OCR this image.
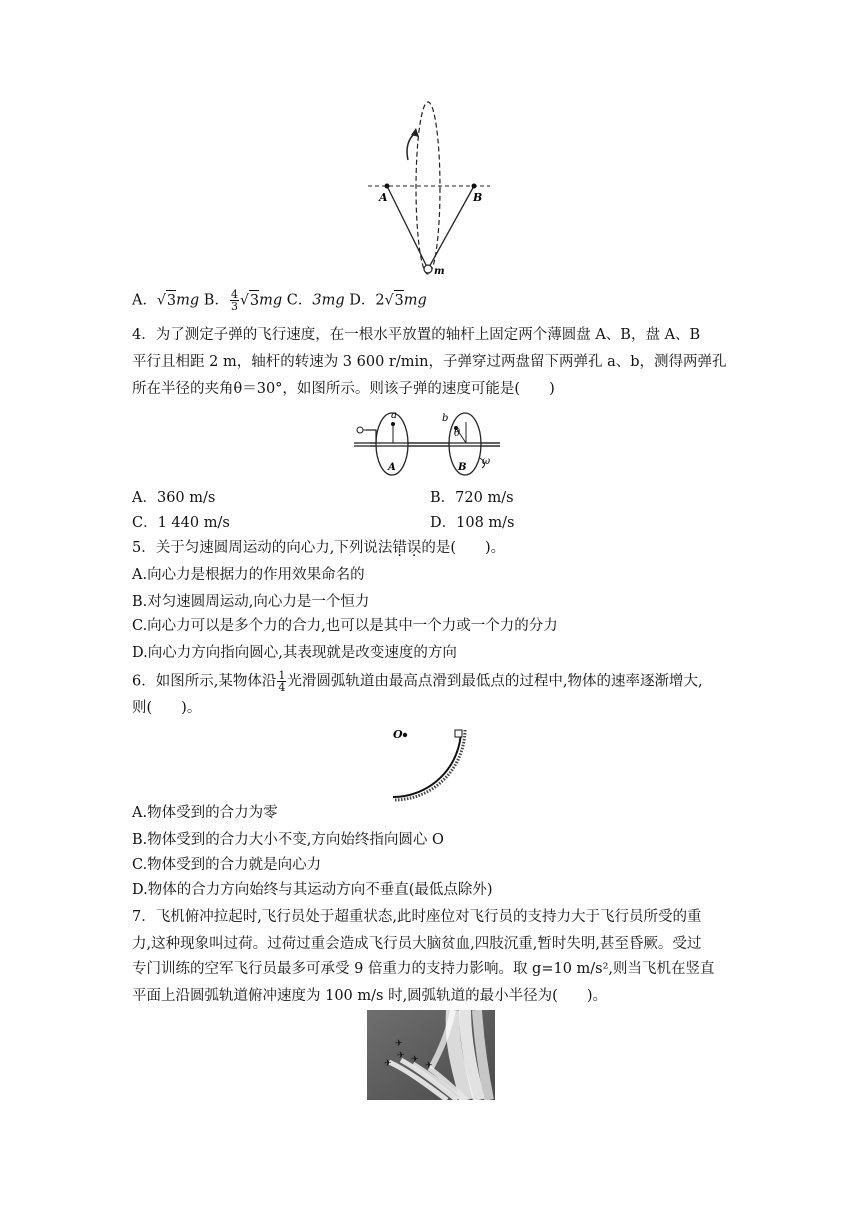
A	B
m
A．√3mg B． $\frac{4}{3} √3mg$ C．3mg D．2√3mg
4．为了测定子弹的飞行速度，在一根水平放置的轴杆上固定两个薄圆盘 A、B，盘 A、B
平行且相距 2 m，轴杆的转速为 3 600 r/min，子弹穿过两盘留下两弹孔 a、b，测得两弹孔
所在半径的夹角θ＝30°，如图所示。则该子弹的速度可能是(　　)
a	b
θ
A	B
ω
A．360 m/s	B．720 m/s
C．1 440 m/s	D．108 m/s
5．关于匀速圆周运动的向心力,下列说法错误的是(　　)。
A.向心力是根据力的作用效果命名的
B.对匀速圆周运动,向心力是一个恒力
C.向心力可以是多个力的合力,也可以是其中一个力或一个力的分力
D.向心力方向指向圆心,其表现就是改变速度的方向
6．如图所示,某物体沿 $\frac{1}{4}$ 光滑圆弧轨道由最高点滑到最低点的过程中,物体的速率逐渐增大,
则(　　)。
O
A.物体受到的合力为零
B.物体受到的合力大小不变,方向始终指向圆心 O
C.物体受到的合力就是向心力
D.物体的合力方向始终与其运动方向不垂直(最低点除外)
7．飞机俯冲拉起时,飞行员处于超重状态,此时座位对飞行员的支持力大于飞行员所受的重
力,这种现象叫过荷。过荷过重会造成飞行员大脑贫血,四肢沉重,暂时失明,甚至昏厥。受过
专门训练的空军飞行员最多可承受 9 倍重力的支持力影响。取 g=10 m/s²,则当飞机在竖直
平面上沿圆弧轨道俯冲速度为 100 m/s 时,圆弧轨道的最小半径为(　　)。
✈
✈ ✈
✈
✈
